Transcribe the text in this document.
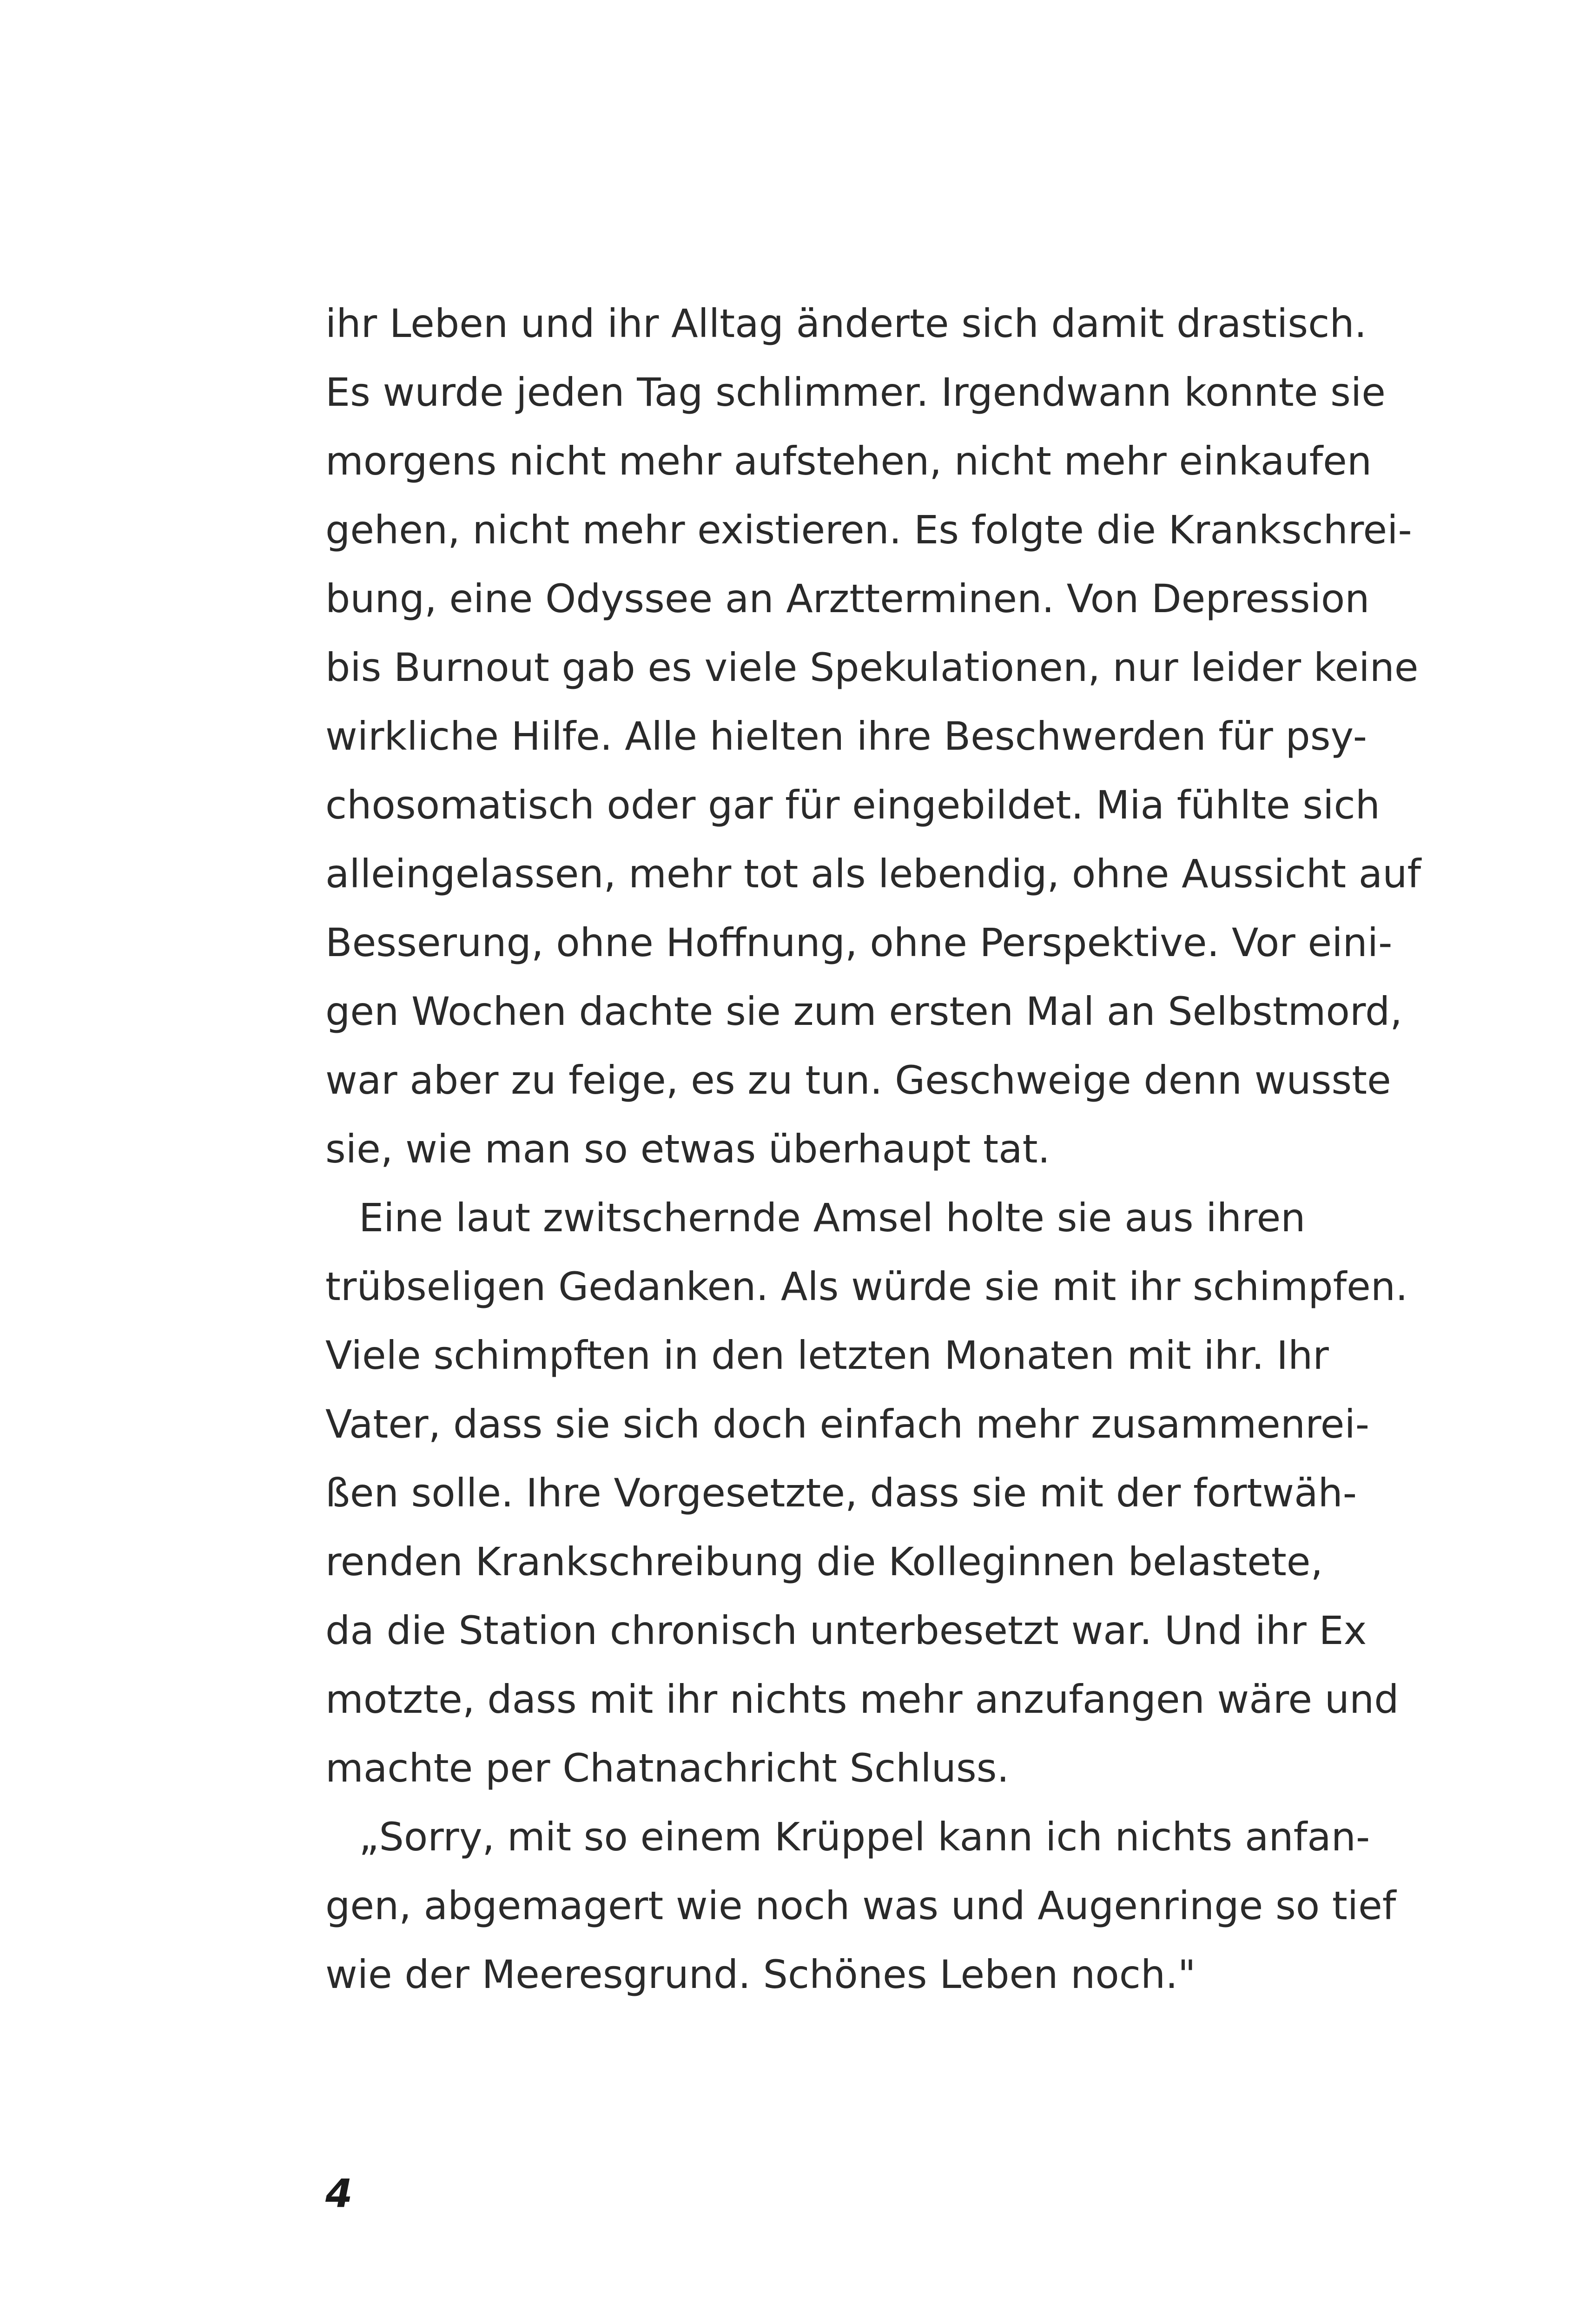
ihr Leben und ihr Alltag änderte sich damit drastisch.
Es wurde jeden Tag schlimmer. Irgendwann konnte sie
morgens nicht mehr aufstehen, nicht mehr einkaufen
gehen, nicht mehr existieren. Es folgte die Krankschrei-
bung, eine Odyssee an Arztterminen. Von Depression
bis Burnout gab es viele Spekulationen, nur leider keine
wirkliche Hilfe. Alle hielten ihre Beschwerden für psy-
chosomatisch oder gar für eingebildet. Mia fühlte sich
alleingelassen, mehr tot als lebendig, ohne Aussicht auf
Besserung, ohne Hoffnung, ohne Perspektive. Vor eini-
gen Wochen dachte sie zum ersten Mal an Selbstmord,
war aber zu feige, es zu tun. Geschweige denn wusste
sie, wie man so etwas überhaupt tat.
Eine laut zwitschernde Amsel holte sie aus ihren
trübseligen Gedanken. Als würde sie mit ihr schimpfen.
Viele schimpften in den letzten Monaten mit ihr. Ihr
Vater, dass sie sich doch einfach mehr zusammenrei-
ßen solle. Ihre Vorgesetzte, dass sie mit der fortwäh-
renden Krankschreibung die Kolleginnen belastete,
da die Station chronisch unterbesetzt war. Und ihr Ex
motzte, dass mit ihr nichts mehr anzufangen wäre und
machte per Chatnachricht Schluss.
„Sorry, mit so einem Krüppel kann ich nichts anfan-
gen, abgemagert wie noch was und Augenringe so tief
wie der Meeresgrund. Schönes Leben noch."
4
